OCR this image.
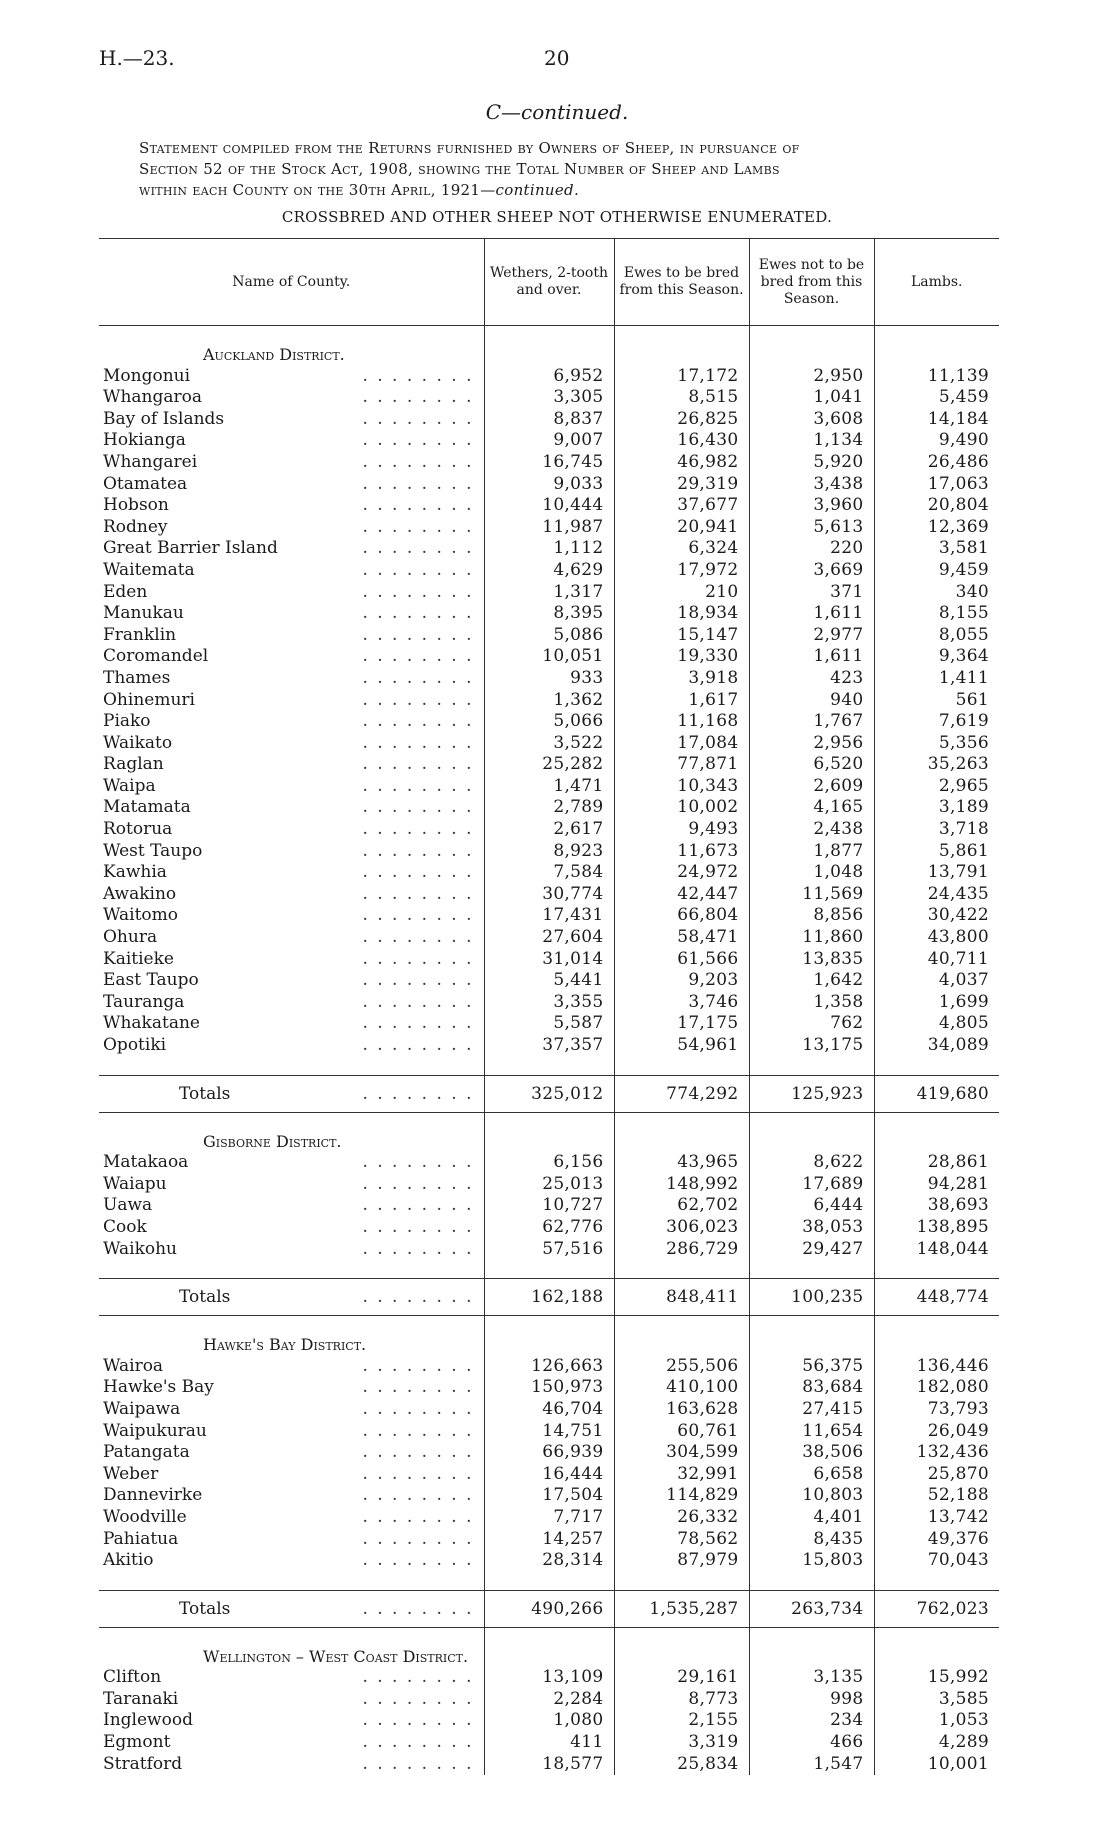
H.—23.	20
C—continued.
Statement compiled from the Returns furnished by Owners of Sheep, in pursuance of
Section 52 of the Stock Act, 1908, showing the Total Number of Sheep and Lambs
within each County on the 30th April, 1921—continued.
CROSSBRED AND OTHER SHEEP NOT OTHERWISE ENUMERATED.
Name of County.	Wethers, 2-tooth and over.	Ewes to be bred from this Season.	Ewes not to be bred from this Season.	Lambs.

Auckland District.				

Mongonui . . . . . . . .	6,952	17,172	2,950	11,139

Whangaroa . . . . . . . .	3,305	8,515	1,041	5,459

Bay of Islands . . . . . . . .	8,837	26,825	3,608	14,184

Hokianga . . . . . . . .	9,007	16,430	1,134	9,490

Whangarei . . . . . . . .	16,745	46,982	5,920	26,486

Otamatea . . . . . . . .	9,033	29,319	3,438	17,063

Hobson . . . . . . . .	10,444	37,677	3,960	20,804

Rodney . . . . . . . .	11,987	20,941	5,613	12,369

Great Barrier Island . . . . . . . .	1,112	6,324	220	3,581

Waitemata . . . . . . . .	4,629	17,972	3,669	9,459

Eden . . . . . . . .	1,317	210	371	340

Manukau . . . . . . . .	8,395	18,934	1,611	8,155

Franklin . . . . . . . .	5,086	15,147	2,977	8,055

Coromandel . . . . . . . .	10,051	19,330	1,611	9,364

Thames . . . . . . . .	933	3,918	423	1,411

Ohinemuri . . . . . . . .	1,362	1,617	940	561

Piako . . . . . . . .	5,066	11,168	1,767	7,619

Waikato . . . . . . . .	3,522	17,084	2,956	5,356

Raglan . . . . . . . .	25,282	77,871	6,520	35,263

Waipa . . . . . . . .	1,471	10,343	2,609	2,965

Matamata . . . . . . . .	2,789	10,002	4,165	3,189

Rotorua . . . . . . . .	2,617	9,493	2,438	3,718

West Taupo . . . . . . . .	8,923	11,673	1,877	5,861

Kawhia . . . . . . . .	7,584	24,972	1,048	13,791

Awakino . . . . . . . .	30,774	42,447	11,569	24,435

Waitomo . . . . . . . .	17,431	66,804	8,856	30,422

Ohura . . . . . . . .	27,604	58,471	11,860	43,800

Kaitieke . . . . . . . .	31,014	61,566	13,835	40,711

East Taupo . . . . . . . .	5,441	9,203	1,642	4,037

Tauranga . . . . . . . .	3,355	3,746	1,358	1,699

Whakatane . . . . . . . .	5,587	17,175	762	4,805

Opotiki . . . . . . . .	37,357	54,961	13,175	34,089

Totals . . . . . . . .	325,012	774,292	125,923	419,680

Gisborne District.				

Matakaoa . . . . . . . .	6,156	43,965	8,622	28,861

Waiapu . . . . . . . .	25,013	148,992	17,689	94,281

Uawa . . . . . . . .	10,727	62,702	6,444	38,693

Cook . . . . . . . .	62,776	306,023	38,053	138,895

Waikohu . . . . . . . .	57,516	286,729	29,427	148,044

Totals . . . . . . . .	162,188	848,411	100,235	448,774

Hawke's Bay District.				

Wairoa . . . . . . . .	126,663	255,506	56,375	136,446

Hawke's Bay . . . . . . . .	150,973	410,100	83,684	182,080

Waipawa . . . . . . . .	46,704	163,628	27,415	73,793

Waipukurau . . . . . . . .	14,751	60,761	11,654	26,049

Patangata . . . . . . . .	66,939	304,599	38,506	132,436

Weber . . . . . . . .	16,444	32,991	6,658	25,870

Dannevirke . . . . . . . .	17,504	114,829	10,803	52,188

Woodville . . . . . . . .	7,717	26,332	4,401	13,742

Pahiatua . . . . . . . .	14,257	78,562	8,435	49,376

Akitio . . . . . . . .	28,314	87,979	15,803	70,043

Totals . . . . . . . .	490,266	1,535,287	263,734	762,023

Wellington – West Coast District.				

Clifton . . . . . . . .	13,109	29,161	3,135	15,992

Taranaki . . . . . . . .	2,284	8,773	998	3,585

Inglewood . . . . . . . .	1,080	2,155	234	1,053

Egmont . . . . . . . .	411	3,319	466	4,289

Stratford . . . . . . . .	18,577	25,834	1,547	10,001
